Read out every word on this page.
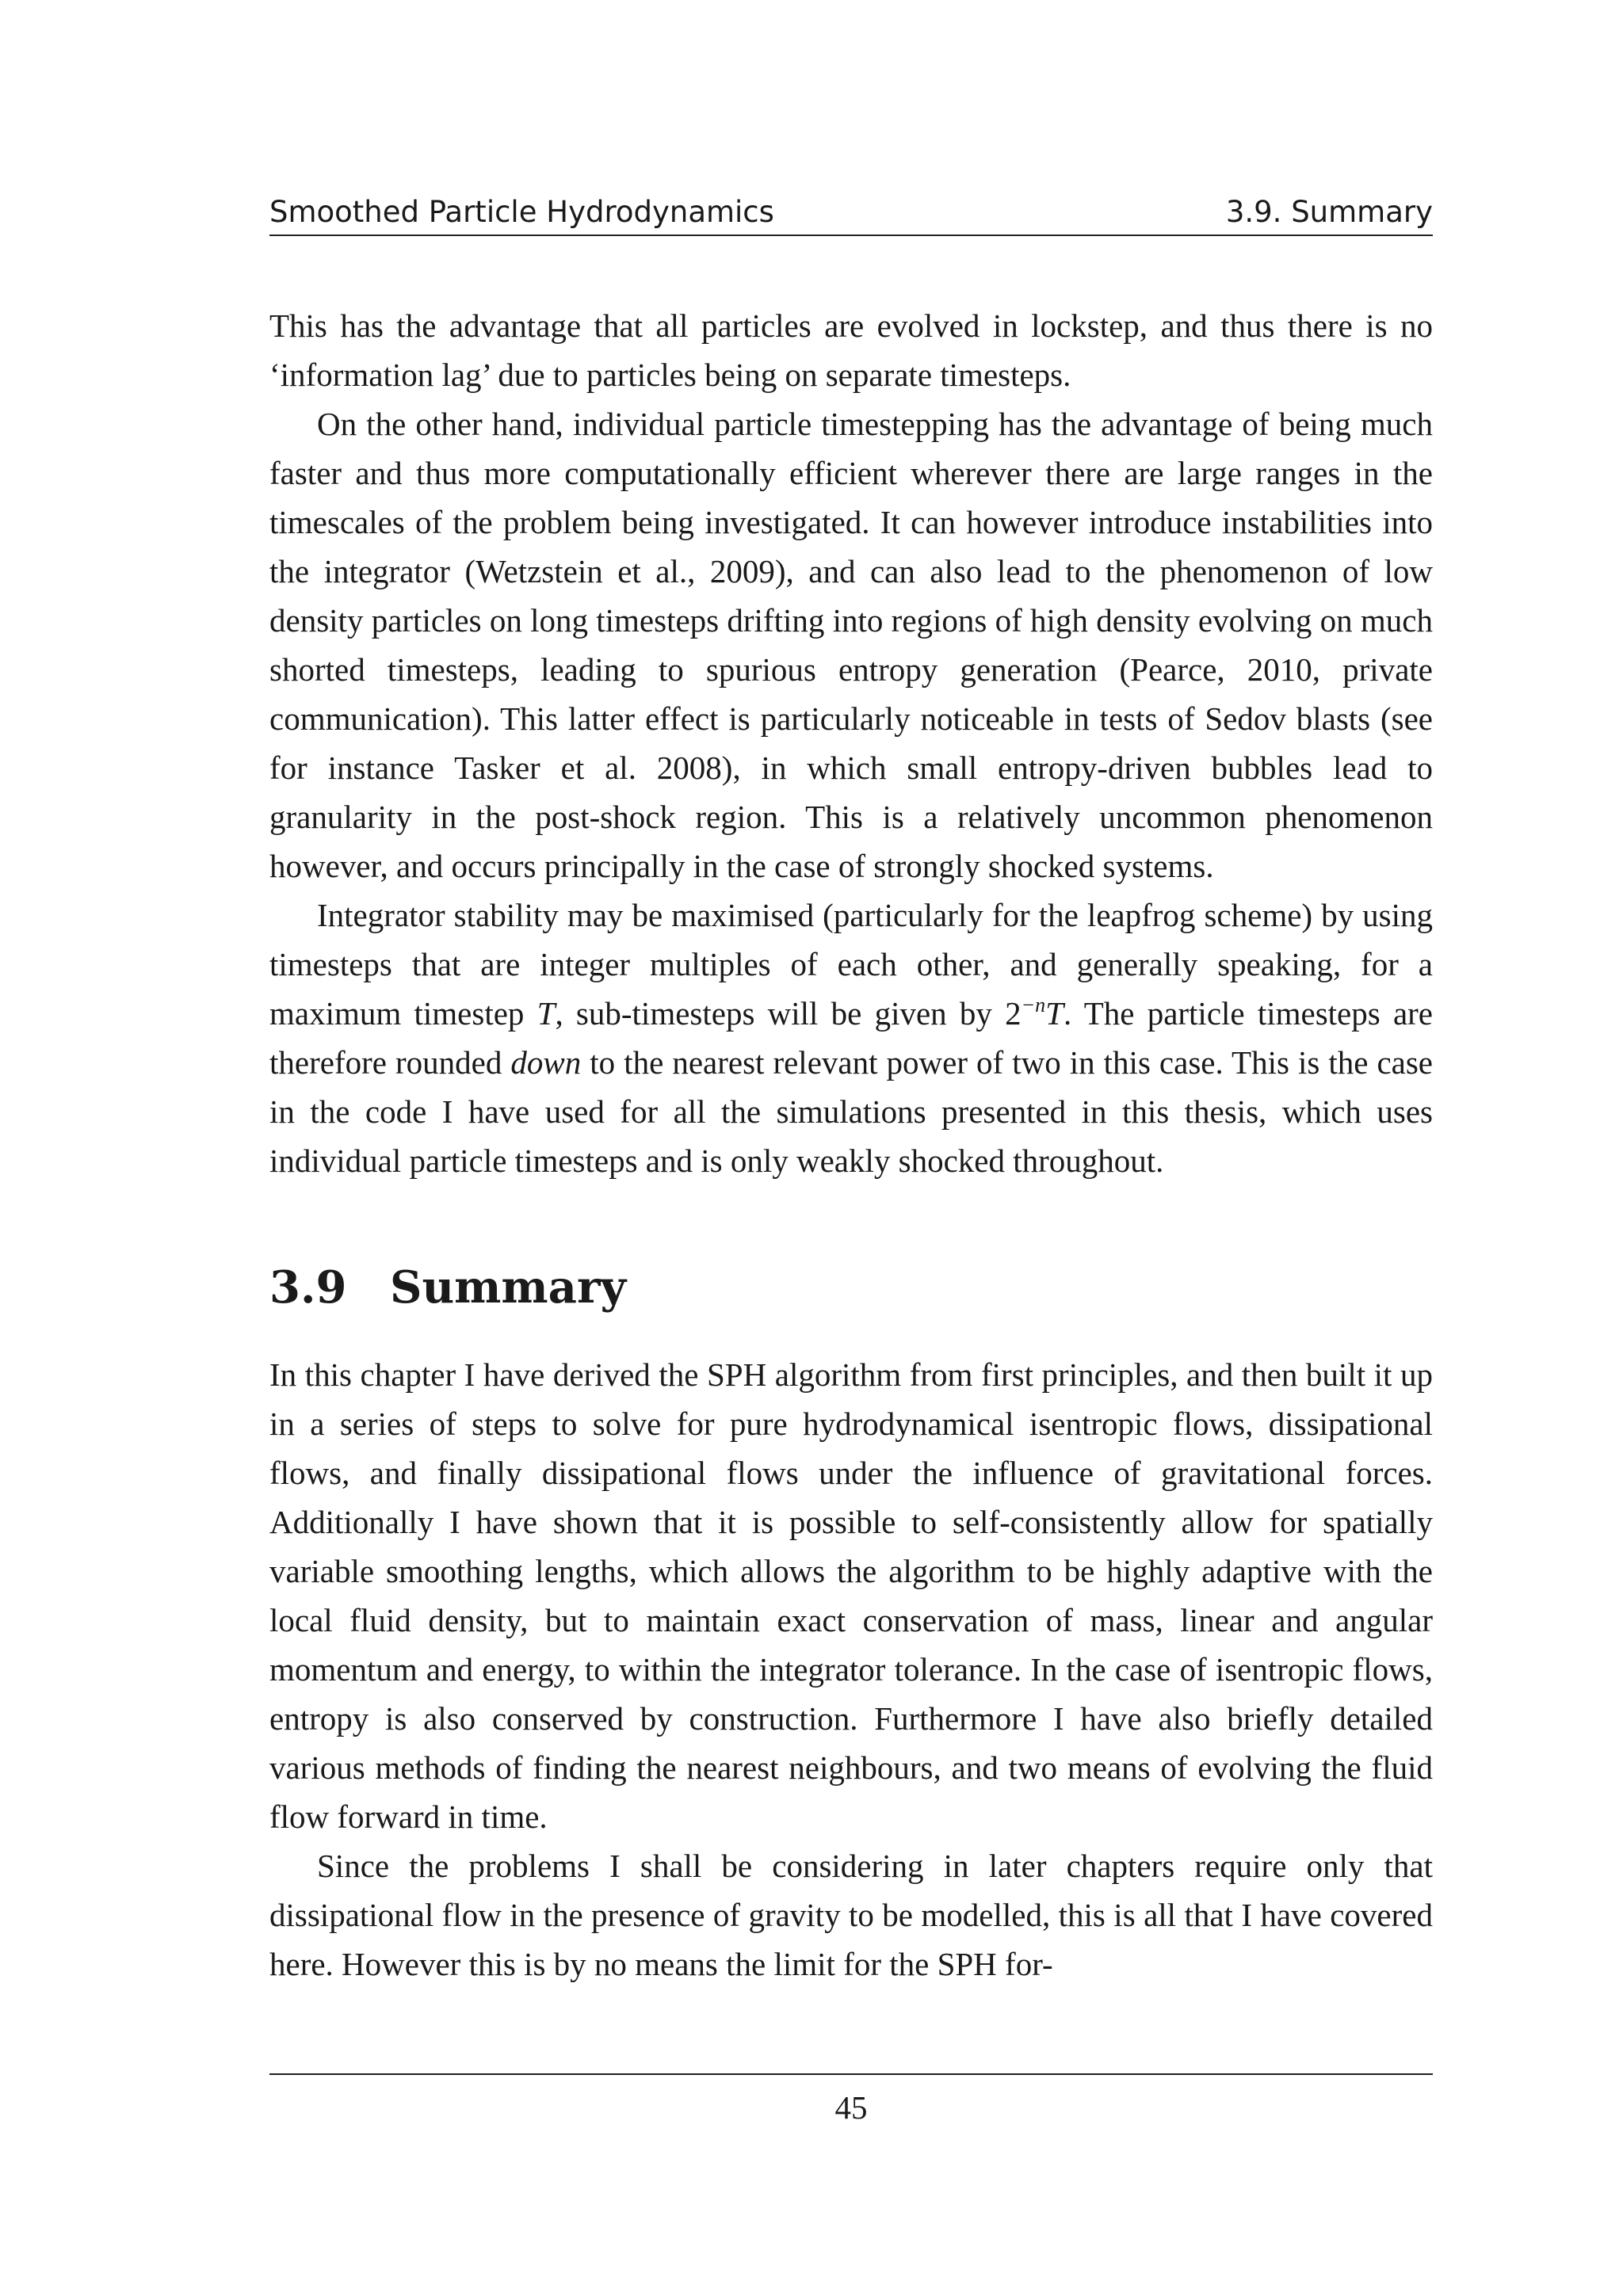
Smoothed Particle Hydrodynamics	3.9. Summary

This has the advantage that all particles are evolved in lockstep, and thus there is no ‘information lag’ due to particles being on separate timesteps.

On the other hand, individual particle timestepping has the advantage of being much faster and thus more computationally efficient wherever there are large ranges in the timescales of the problem being investigated. It can however introduce instabilities into the integrator (Wetzstein et al., 2009), and can also lead to the phenomenon of low density particles on long timesteps drifting into regions of high density evolving on much shorted timesteps, leading to spurious entropy generation (Pearce, 2010, private communication). This latter effect is particularly noticeable in tests of Sedov blasts (see for instance Tasker et al. 2008), in which small entropy-driven bubbles lead to granularity in the post-shock region. This is a relatively uncommon phenomenon however, and occurs principally in the case of strongly shocked systems.

Integrator stability may be maximised (particularly for the leapfrog scheme) by using timesteps that are integer multiples of each other, and generally speaking, for a maximum timestep T, sub-timesteps will be given by $2^{-n}T$. The particle timesteps are therefore rounded down to the nearest relevant power of two in this case. This is the case in the code I have used for all the simulations presented in this thesis, which uses individual particle timesteps and is only weakly shocked throughout.

3.9 Summary

In this chapter I have derived the SPH algorithm from first principles, and then built it up in a series of steps to solve for pure hydrodynamical isentropic flows, dissipational flows, and finally dissipational flows under the influence of gravitational forces. Additionally I have shown that it is possible to self-consistently allow for spatially variable smoothing lengths, which allows the algorithm to be highly adaptive with the local fluid density, but to maintain exact conservation of mass, linear and angular momentum and energy, to within the integrator tolerance. In the case of isentropic flows, entropy is also conserved by construction. Furthermore I have also briefly detailed various methods of finding the nearest neighbours, and two means of evolving the fluid flow forward in time.

Since the problems I shall be considering in later chapters require only that dissipational flow in the presence of gravity to be modelled, this is all that I have covered here. However this is by no means the limit for the SPH for-

45
